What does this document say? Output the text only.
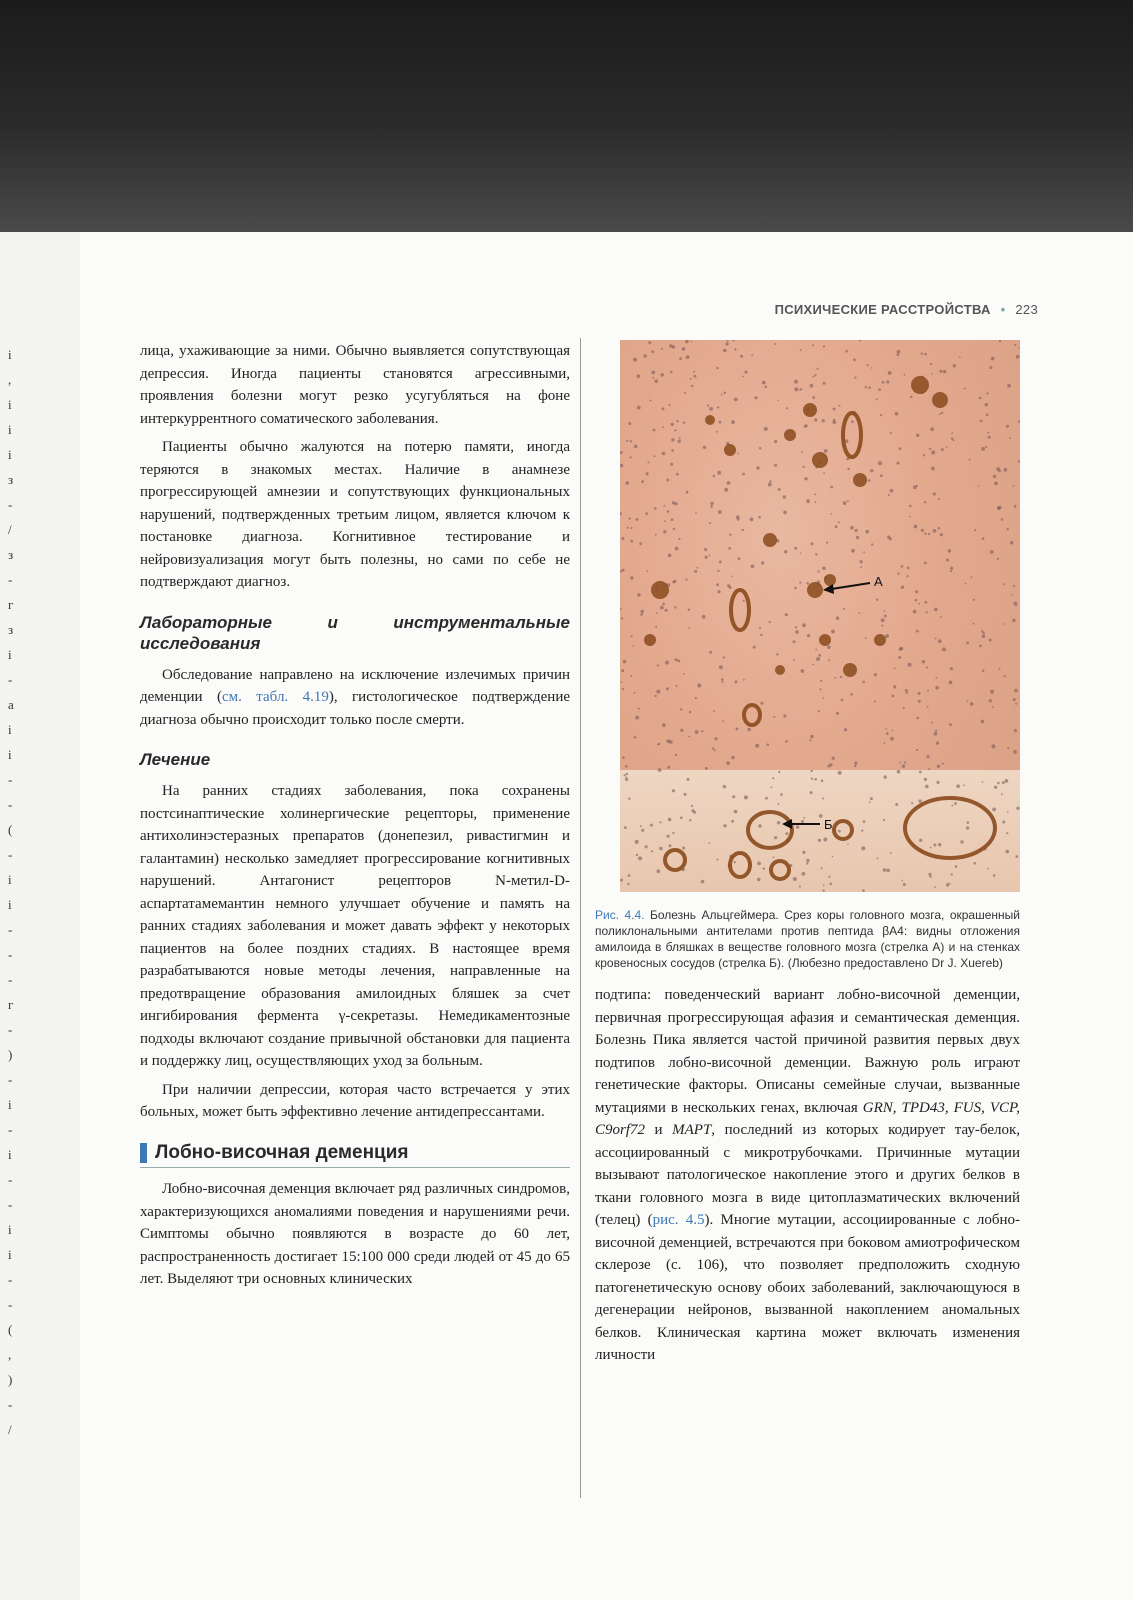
і
,
і
і
і
з
-
/
з
-
г
з
і
-
а
і
і
-
-
(
-
і
і
-
-
-
г
-
)
-
і
-
і
-
-
і
і
-
-
(
,
)
-
/
ПСИХИЧЕСКИЕ РАССТРОЙСТВА • 223

лица, ухаживающие за ними. Обычно выявляется сопутствующая депрессия. Иногда пациенты становятся агрессивными, проявления болезни могут резко усугубляться на фоне интеркуррентного соматического заболевания.

Пациенты обычно жалуются на потерю памяти, иногда теряются в знакомых местах. Наличие в анамнезе прогрессирующей амнезии и сопутствующих функциональных нарушений, подтвержденных третьим лицом, является ключом к постановке диагноза. Когнитивное тестирование и нейровизуализация могут быть полезны, но сами по себе не подтверждают диагноз.

Лабораторные и инструментальные исследования

Обследование направлено на исключение излечимых причин деменции (см. табл. 4.19), гистологическое подтверждение диагноза обычно происходит только после смерти.

Лечение

На ранних стадиях заболевания, пока сохранены постсинаптические холинергические рецепторы, применение антихолинэстеразных препаратов (донепезил, ривастигмин и галантамин) несколько замедляет прогрессирование когнитивных нарушений. Антагонист рецепторов N-метил-D-аспартатамемантин немного улучшает обучение и память на ранних стадиях заболевания и может давать эффект у некоторых пациентов на более поздних стадиях. В настоящее время разрабатываются новые методы лечения, направленные на предотвращение образования амилоидных бляшек за счет ингибирования фермента γ-секретазы. Немедикаментозные подходы включают создание привычной обстановки для пациента и поддержку лиц, осуществляющих уход за больным.

При наличии депрессии, которая часто встречается у этих больных, может быть эффективно лечение антидепрессантами.

Лобно-височная деменция

Лобно-височная деменция включает ряд различных синдромов, характеризующихся аномалиями поведения и нарушениями речи. Симптомы обычно появляются в возрасте до 60 лет, распространенность достигает 15:100 000 среди людей от 45 до 65 лет. Выделяют три основных клинических

А
Б
Рис. 4.4. Болезнь Альцгеймера. Срез коры головного мозга, окрашенный поликлональными антителами против пептида βА4: видны отложения амилоида в бляшках в веществе головного мозга (стрелка А) и на стенках кровеносных сосудов (стрелка Б). (Любезно предоставлено Dr J. Xuereb)

подтипа: поведенческий вариант лобно-височной деменции, первичная прогрессирующая афазия и семантическая деменция. Болезнь Пика является частой причиной развития первых двух подтипов лобно-височной деменции. Важную роль играют генетические факторы. Описаны семейные случаи, вызванные мутациями в нескольких генах, включая GRN, TPD43, FUS, VCP, C9orf72 и MAPT, последний из которых кодирует тау-белок, ассоциированный с микротрубочками. Причинные мутации вызывают патологическое накопление этого и других белков в ткани головного мозга в виде цитоплазматических включений (телец) (рис. 4.5). Многие мутации, ассоциированные с лобно-височной деменцией, встречаются при боковом амиотрофическом склерозе (с. 106), что позволяет предположить сходную патогенетическую основу обоих заболеваний, заключающуюся в дегенерации нейронов, вызванной накоплением аномальных белков. Клиническая картина может включать изменения личности
